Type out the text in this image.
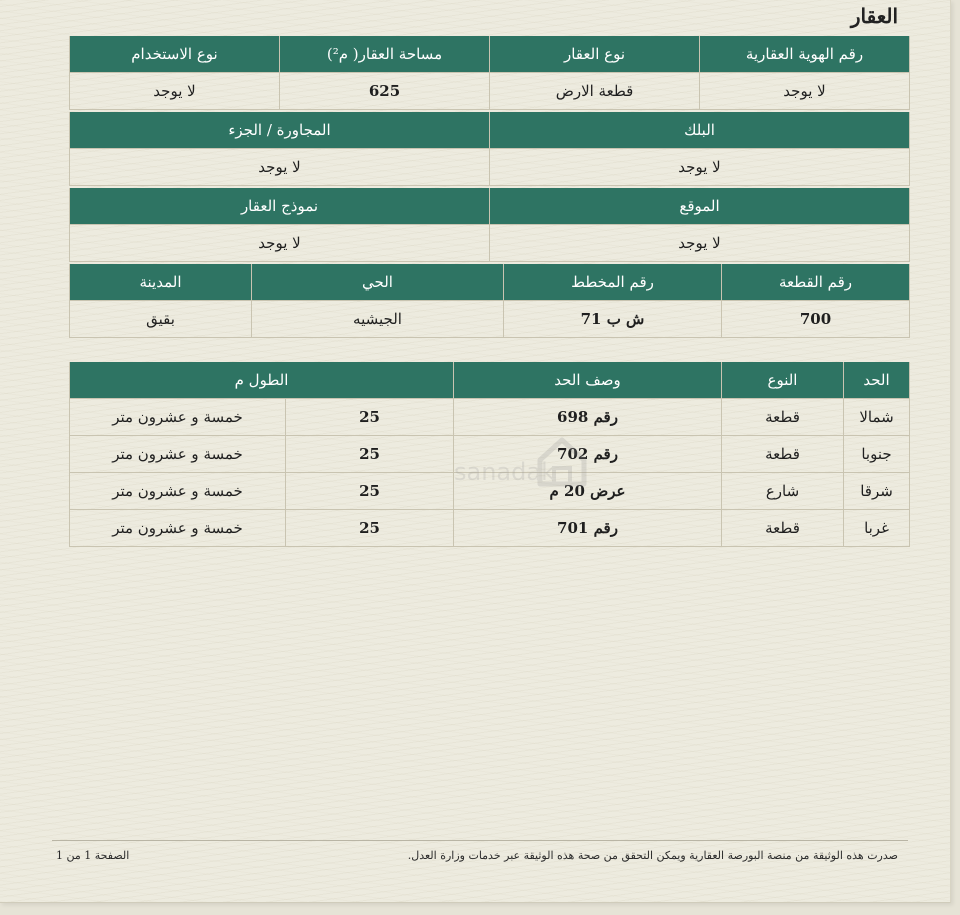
العقار
رقم الهوية العقارية	نوع العقار	مساحة العقار( م²)	نوع الاستخدام
لا يوجد	قطعة الارض	625	لا يوجد
البلك	المجاورة / الجزء
لا يوجد	لا يوجد
الموقع	نموذج العقار
لا يوجد	لا يوجد
رقم القطعة	رقم المخطط	الحي	المدينة
700	ش ب 71	الجيشيه	بقيق
الحد	النوع	وصف الحد	الطول م	
شمالا	قطعة	رقم 698	25	خمسة و عشرون متر
جنوبا	قطعة	رقم 702	25	خمسة و عشرون متر
شرقا	شارع	عرض 20 م	25	خمسة و عشرون متر
غربا	قطعة	رقم 701	25	خمسة و عشرون متر
sanadak
صدرت هذه الوثيقة من منصة البورصة العقارية ويمكن التحقق من صحة هذه الوثيقة عبر خدمات وزارة العدل.
الصفحة 1 من 1
